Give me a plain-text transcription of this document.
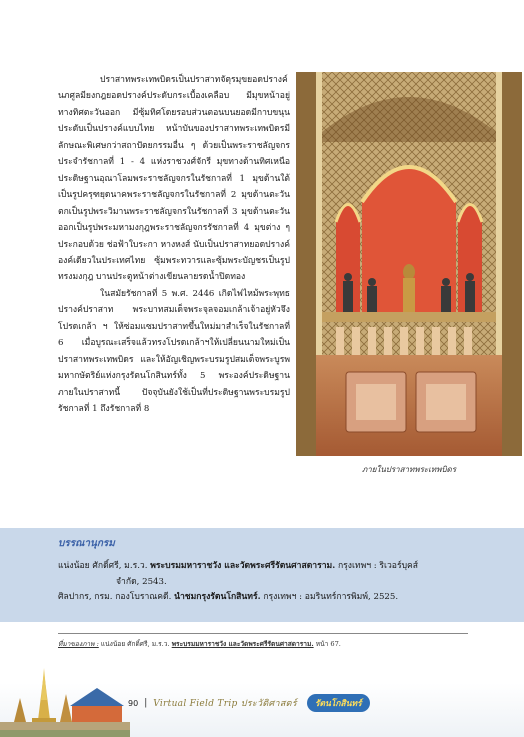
ปราสาทพระเทพบิดรเป็นปราสาทจัตุรมุขยอดปรางค์ นภศูลมียงกฎยอดปรางค์ประดับกระเบื้องเคลือบ มีมุขหน้าอยู่ทางทิศตะวันออก มีซุ้มทิศโดยรอบส่วนตอนบนยอดมีกาบขนุนประดับเป็นปรางค์แบบไทย หน้าบันของปราสาทพระเทพบิดรมีลักษณะพิเศษกว่าสถาปัตยกรรมอื่น ๆ ด้วยเป็นพระราชลัญจกรประจำรัชกาลที่ 1 - 4 แห่งราชวงศ์จักรี มุขทางด้านทิศเหนือประดิษฐานอุณาโลมพระราชลัญจกรในรัชกาลที่ 1 มุขด้านใต้เป็นรูปครุฑยุดนาคพระราชลัญจกรในรัชกาลที่ 2 มุขด้านตะวันตกเป็นรูปพระวิมานพระราชลัญจกรในรัชกาลที่ 3 มุขด้านตะวันออกเป็นรูปพระมหามงกุฎพระราชลัญจกรรัชกาลที่ 4 มุขต่าง ๆ ประกอบด้วย ช่อฟ้าใบระกา หางหงส์ นับเป็นปราสาทยอดปรางค์องค์เดียวในประเทศไทย ซุ้มพระทวารและซุ้มพระบัญชรเป็นรูปทรงมงกุฎ บานประตูหน้าต่างเขียนลายรดน้ำปิดทอง

ในสมัยรัชกาลที่ 5 พ.ศ. 2446 เกิดไฟไหม้พระพุทธปรางค์ปราสาท พระบาทสมเด็จพระจุลจอมเกล้าเจ้าอยู่หัวจึงโปรดเกล้า ฯ ให้ซ่อมแซมปราสาทขึ้นใหม่มาสำเร็จในรัชกาลที่ 6 เมื่อบูรณะเสร็จแล้วทรงโปรดเกล้าฯให้เปลี่ยนนามใหม่เป็นปราสาทพระเทพบิดร และให้อัญเชิญพระบรมรูปสมเด็จพระบูรพมหากษัตริย์แห่งกรุงรัตนโกสินทร์ทั้ง 5 พระองค์ประดิษฐานภายในปราสาทนี้ ปัจจุบันยังใช้เป็นที่ประดิษฐานพระบรมรูปรัชกาลที่ 1 ถึงรัชกาลที่ 8

ภายในปราสาทพระเทพบิดร
บรรณานุกรม
แน่งน้อย ศักดิ์ศรี, ม.ร.ว. พระบรมมหาราชวัง และวัดพระศรีรัตนศาสดาราม. กรุงเทพฯ : ริเวอร์บุคส์
จำกัด, 2543.
ศิลปากร, กรม. กองโบราณคดี. นำชมกรุงรัตนโกสินทร์. กรุงเทพฯ : อมรินทร์การพิมพ์, 2525.
ที่มาของภาพ : แน่งน้อย ศักดิ์ศรี, ม.ร.ว. พระบรมมหาราชวัง และวัดพระศรีรัตนศาสดาราม. หน้า 67.
90 | Virtual Field Trip ประวัติศาสตร์	รัตนโกสินทร์
